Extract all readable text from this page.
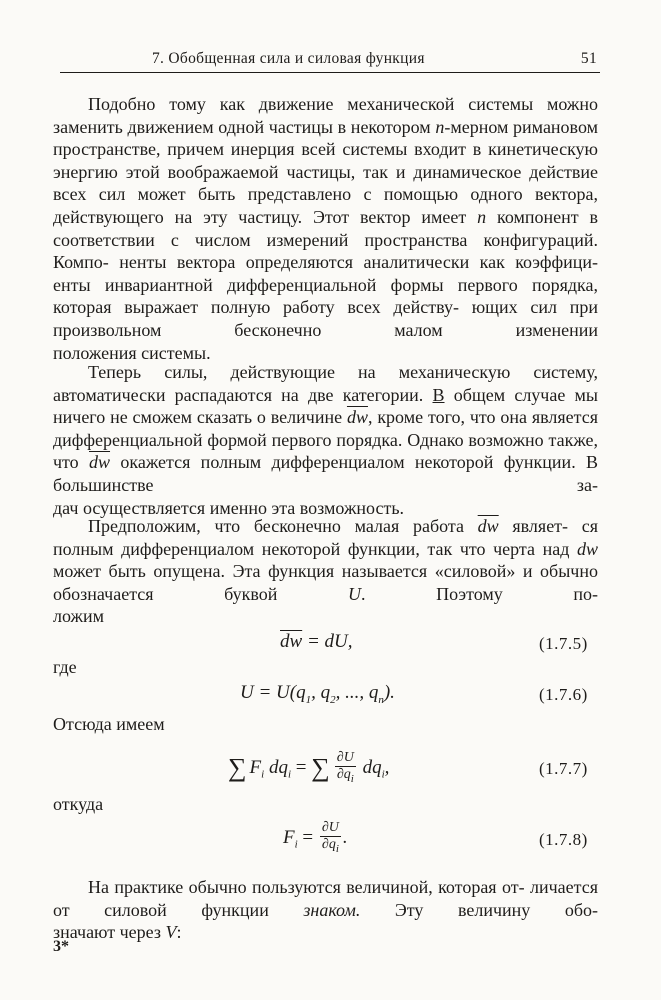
7. Обобщенная сила и силовая функция	51

Подобно тому как движение механической системы можно заменить движением одной частицы в некотором n-мерном римановом пространстве, причем инерция всей системы входит в кинетическую энергию этой воображаемой частицы, так и динамическое действие всех сил может быть представлено с помощью одного вектора, действующего на эту частицу. Этот вектор имеет n компонент в соответствии с числом измерений пространства конфигураций. Компо- ненты вектора определяются аналитически как коэффици- енты инвариантной дифференциальной формы первого порядка, которая выражает полную работу всех действу- ющих сил при произвольном бесконечно малом изменении

положения системы.

Теперь силы, действующие на механическую систему, автоматически распадаются на две категории. В общем случае мы ничего не сможем сказать о величине $\overline{dw}$, кроме того, что она является дифференциальной формой первого порядка. Однако возможно также, что $\overline{dw}$ окажется полным дифференциалом некоторой функции. В большинстве за-

дач осуществляется именно эта возможность.

Предположим, что бесконечно малая работа $\overline{dw}$ являет- ся полным дифференциалом некоторой функции, так что черта над dw может быть опущена. Эта функция называется «силовой» и обычно обозначается буквой	U. Поэтому по-

ложим

$\overline{dw}$ = dU,	(1.7.5)
где
$U = U(q_1$, $q_2$, ..., $q_n$).	(1.7.6)
Отсюда имеем
∑ $F_i$ $dq_i$ = ∑ $\frac{\partial U}{\partial q_i} dq_i$,	(1.7.7)
откуда
$F_i = \frac{\partial U}{\partial q_i}$ .	(1.7.8)

На практике обычно пользуются величиной, которая от- личается от силовой функции знаком. Эту величину обо-

значают через V:

3*
